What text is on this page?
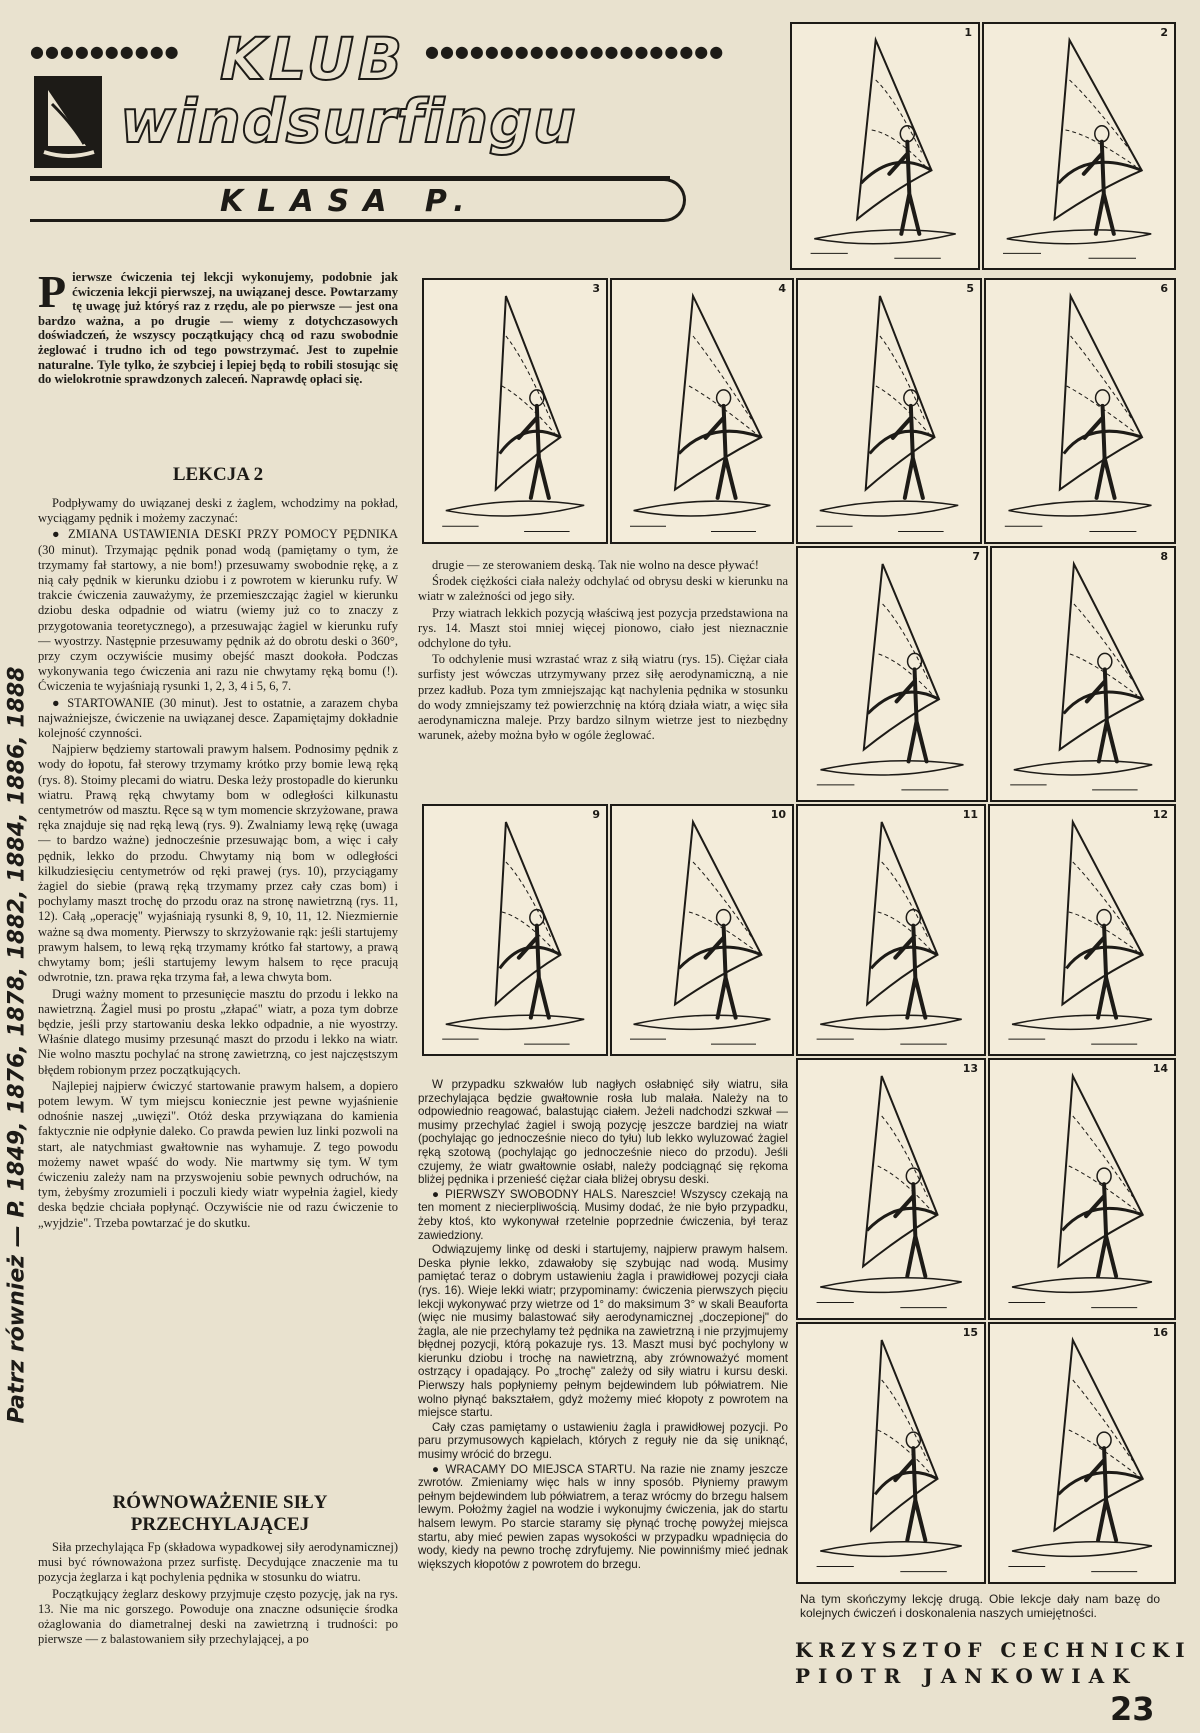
●●●●●●●●●● KLUB ●●●●●●●●●●●●●●●●●●●●
windsurfingu
KLASA P.
Patrz również — P. 1849, 1876, 1878, 1882, 1884, 1886, 1888
Pierwsze ćwiczenia tej lekcji wykonujemy, podobnie jak ćwiczenia lekcji pierwszej, na uwiązanej desce. Powtarzamy tę uwagę już któryś raz z rzędu, ale po pierwsze — jest ona bardzo ważna, a po drugie — wiemy z dotychczasowych doświadczeń, że wszyscy początkujący chcą od razu swobodnie żeglować i trudno ich od tego powstrzymać. Jest to zupełnie naturalne. Tyle tylko, że szybciej i lepiej będą to robili stosując się do wielokrotnie sprawdzonych zaleceń. Naprawdę opłaci się.
LEKCJA 2

Podpływamy do uwiązanej deski z żaglem, wchodzimy na pokład, wyciągamy pędnik i możemy zaczynać:

● ZMIANA USTAWIENIA DESKI PRZY POMOCY PĘDNIKA (30 minut). Trzymając pędnik ponad wodą (pamiętamy o tym, że trzymamy fał startowy, a nie bom!) przesuwamy swobodnie rękę, a z nią cały pędnik w kierunku dziobu i z powrotem w kierunku rufy. W trakcie ćwiczenia zauważymy, że przemieszczając żagiel w kierunku dziobu deska odpadnie od wiatru (wiemy już co to znaczy z przygotowania teoretycznego), a przesuwając żagiel w kierunku rufy — wyostrzy. Następnie przesuwamy pędnik aż do obrotu deski o 360°, przy czym oczywiście musimy obejść maszt dookoła. Podczas wykonywania tego ćwiczenia ani razu nie chwytamy ręką bomu (!). Ćwiczenia te wyjaśniają rysunki 1, 2, 3, 4 i 5, 6, 7.

● STARTOWANIE (30 minut). Jest to ostatnie, a zarazem chyba najważniejsze, ćwiczenie na uwiązanej desce. Zapamiętajmy dokładnie kolejność czynności.

Najpierw będziemy startowali prawym halsem. Podnosimy pędnik z wody do łopotu, fał sterowy trzymamy krótko przy bomie lewą ręką (rys. 8). Stoimy plecami do wiatru. Deska leży prostopadle do kierunku wiatru. Prawą ręką chwytamy bom w odległości kilkunastu centymetrów od masztu. Ręce są w tym momencie skrzyżowane, prawa ręka znajduje się nad ręką lewą (rys. 9). Zwalniamy lewą rękę (uwaga — to bardzo ważne) jednocześnie przesuwając bom, a więc i cały pędnik, lekko do przodu. Chwytamy nią bom w odległości kilkudziesięciu centymetrów od ręki prawej (rys. 10), przyciągamy żagiel do siebie (prawą ręką trzymamy przez cały czas bom) i pochylamy maszt trochę do przodu oraz na stronę nawietrzną (rys. 11, 12). Całą „operację" wyjaśniają rysunki 8, 9, 10, 11, 12. Niezmiernie ważne są dwa momenty. Pierwszy to skrzyżowanie rąk: jeśli startujemy prawym halsem, to lewą ręką trzymamy krótko fał startowy, a prawą chwytamy bom; jeśli startujemy lewym halsem to ręce pracują odwrotnie, tzn. prawa ręka trzyma fał, a lewa chwyta bom.

Drugi ważny moment to przesunięcie masztu do przodu i lekko na nawietrzną. Żagiel musi po prostu „złapać" wiatr, a poza tym dobrze będzie, jeśli przy startowaniu deska lekko odpadnie, a nie wyostrzy. Właśnie dlatego musimy przesunąć maszt do przodu i lekko na wiatr. Nie wolno masztu pochylać na stronę zawietrzną, co jest najczęstszym błędem robionym przez początkujących.

Najlepiej najpierw ćwiczyć startowanie prawym halsem, a dopiero potem lewym. W tym miejscu koniecznie jest pewne wyjaśnienie odnośnie naszej „uwięzi". Otóż deska przywiązana do kamienia faktycznie nie odpłynie daleko. Co prawda pewien luz linki pozwoli na start, ale natychmiast gwałtownie nas wyhamuje. Z tego powodu możemy nawet wpaść do wody. Nie martwmy się tym. W tym ćwiczeniu zależy nam na przyswojeniu sobie pewnych odruchów, na tym, żebyśmy zrozumieli i poczuli kiedy wiatr wypełnia żagiel, kiedy deska będzie chciała popłynąć. Oczywiście nie od razu ćwiczenie to „wyjdzie". Trzeba powtarzać je do skutku.

RÓWNOWAŻENIE SIŁY PRZECHYLAJĄCEJ

Siła przechylająca Fp (składowa wypadkowej siły aerodynamicznej) musi być równoważona przez surfistę. Decydujące znaczenie ma tu pozycja żeglarza i kąt pochylenia pędnika w stosunku do wiatru.

Początkujący żeglarz deskowy przyjmuje często pozycję, jak na rys. 13. Nie ma nic gorszego. Powoduje ona znaczne odsunięcie środka ożaglowania do diametralnej deski na zawietrzną i trudności: po pierwsze — z balastowaniem siły przechylającej, a po

drugie — ze sterowaniem deską. Tak nie wolno na desce pływać!

Środek ciężkości ciała należy odchylać od obrysu deski w kierunku na wiatr w zależności od jego siły.

Przy wiatrach lekkich pozycją właściwą jest pozycja przedstawiona na rys. 14. Maszt stoi mniej więcej pionowo, ciało jest nieznacznie odchylone do tyłu.

To odchylenie musi wzrastać wraz z siłą wiatru (rys. 15). Ciężar ciała surfisty jest wówczas utrzymywany przez siłę aerodynamiczną, a nie przez kadłub. Poza tym zmniejszając kąt nachylenia pędnika w stosunku do wody zmniejszamy też powierzchnię na którą działa wiatr, a więc siła aerodynamiczna maleje. Przy bardzo silnym wietrze jest to niezbędny warunek, ażeby można było w ogóle żeglować.

W przypadku szkwałów lub nagłych osłabnięć siły wiatru, siła przechylająca będzie gwałtownie rosła lub malała. Należy na to odpowiednio reagować, balastując ciałem. Jeżeli nadchodzi szkwał — musimy przechylać żagiel i swoją pozycję jeszcze bardziej na wiatr (pochylając go jednocześnie nieco do tyłu) lub lekko wyluzować żagiel ręką szotową (pochylając go jednocześnie nieco do przodu). Jeśli czujemy, że wiatr gwałtownie osłabł, należy podciągnąć się rękoma bliżej pędnika i przenieść ciężar ciała bliżej obrysu deski.

● PIERWSZY SWOBODNY HALS. Nareszcie! Wszyscy czekają na ten moment z niecierpliwością. Musimy dodać, że nie było przypadku, żeby ktoś, kto wykonywał rzetelnie poprzednie ćwiczenia, był teraz zawiedziony.

Odwiązujemy linkę od deski i startujemy, najpierw prawym halsem. Deska płynie lekko, zdawałoby się szybując nad wodą. Musimy pamiętać teraz o dobrym ustawieniu żagla i prawidłowej pozycji ciała (rys. 16). Wieje lekki wiatr; przypominamy: ćwiczenia pierwszych pięciu lekcji wykonywać przy wietrze od 1° do maksimum 3° w skali Beauforta (więc nie musimy balastować siły aerodynamicznej „doczepionej" do żagla, ale nie przechylamy też pędnika na zawietrzną i nie przyjmujemy błędnej pozycji, którą pokazuje rys. 13. Maszt musi być pochylony w kierunku dziobu i trochę na nawietrzną, aby zrównoważyć moment ostrzący i opadający. Po „trochę" zależy od siły wiatru i kursu deski. Pierwszy hals popłyniemy pełnym bejdewindem lub półwiatrem. Nie wolno płynąć bakształem, gdyż możemy mieć kłopoty z powrotem na miejsce startu.

Cały czas pamiętamy o ustawieniu żagla i prawidłowej pozycji. Po paru przymusowych kąpielach, których z reguły nie da się uniknąć, musimy wrócić do brzegu.

● WRACAMY DO MIEJSCA STARTU. Na razie nie znamy jeszcze zwrotów. Zmieniamy więc hals w inny sposób. Płyniemy prawym pełnym bejdewindem lub półwiatrem, a teraz wrócmy do brzegu halsem lewym. Położmy żagiel na wodzie i wykonujmy ćwiczenia, jak do startu halsem lewym. Po starcie staramy się płynąć trochę powyżej miejsca startu, aby mieć pewien zapas wysokości w przypadku wpadnięcia do wody, kiedy na pewno trochę zdryfujemy. Nie powinniśmy mieć jednak większych kłopotów z powrotem do brzegu.

1	2
3	4	5	6
7	8
9	10	11	12
13	14
15	16
Na tym skończymy lekcję drugą. Obie lekcje dały nam bazę do kolejnych ćwiczeń i doskonalenia naszych umiejętności.
KRZYSZTOF CECHNICKI
PIOTR JANKOWIAK
23
